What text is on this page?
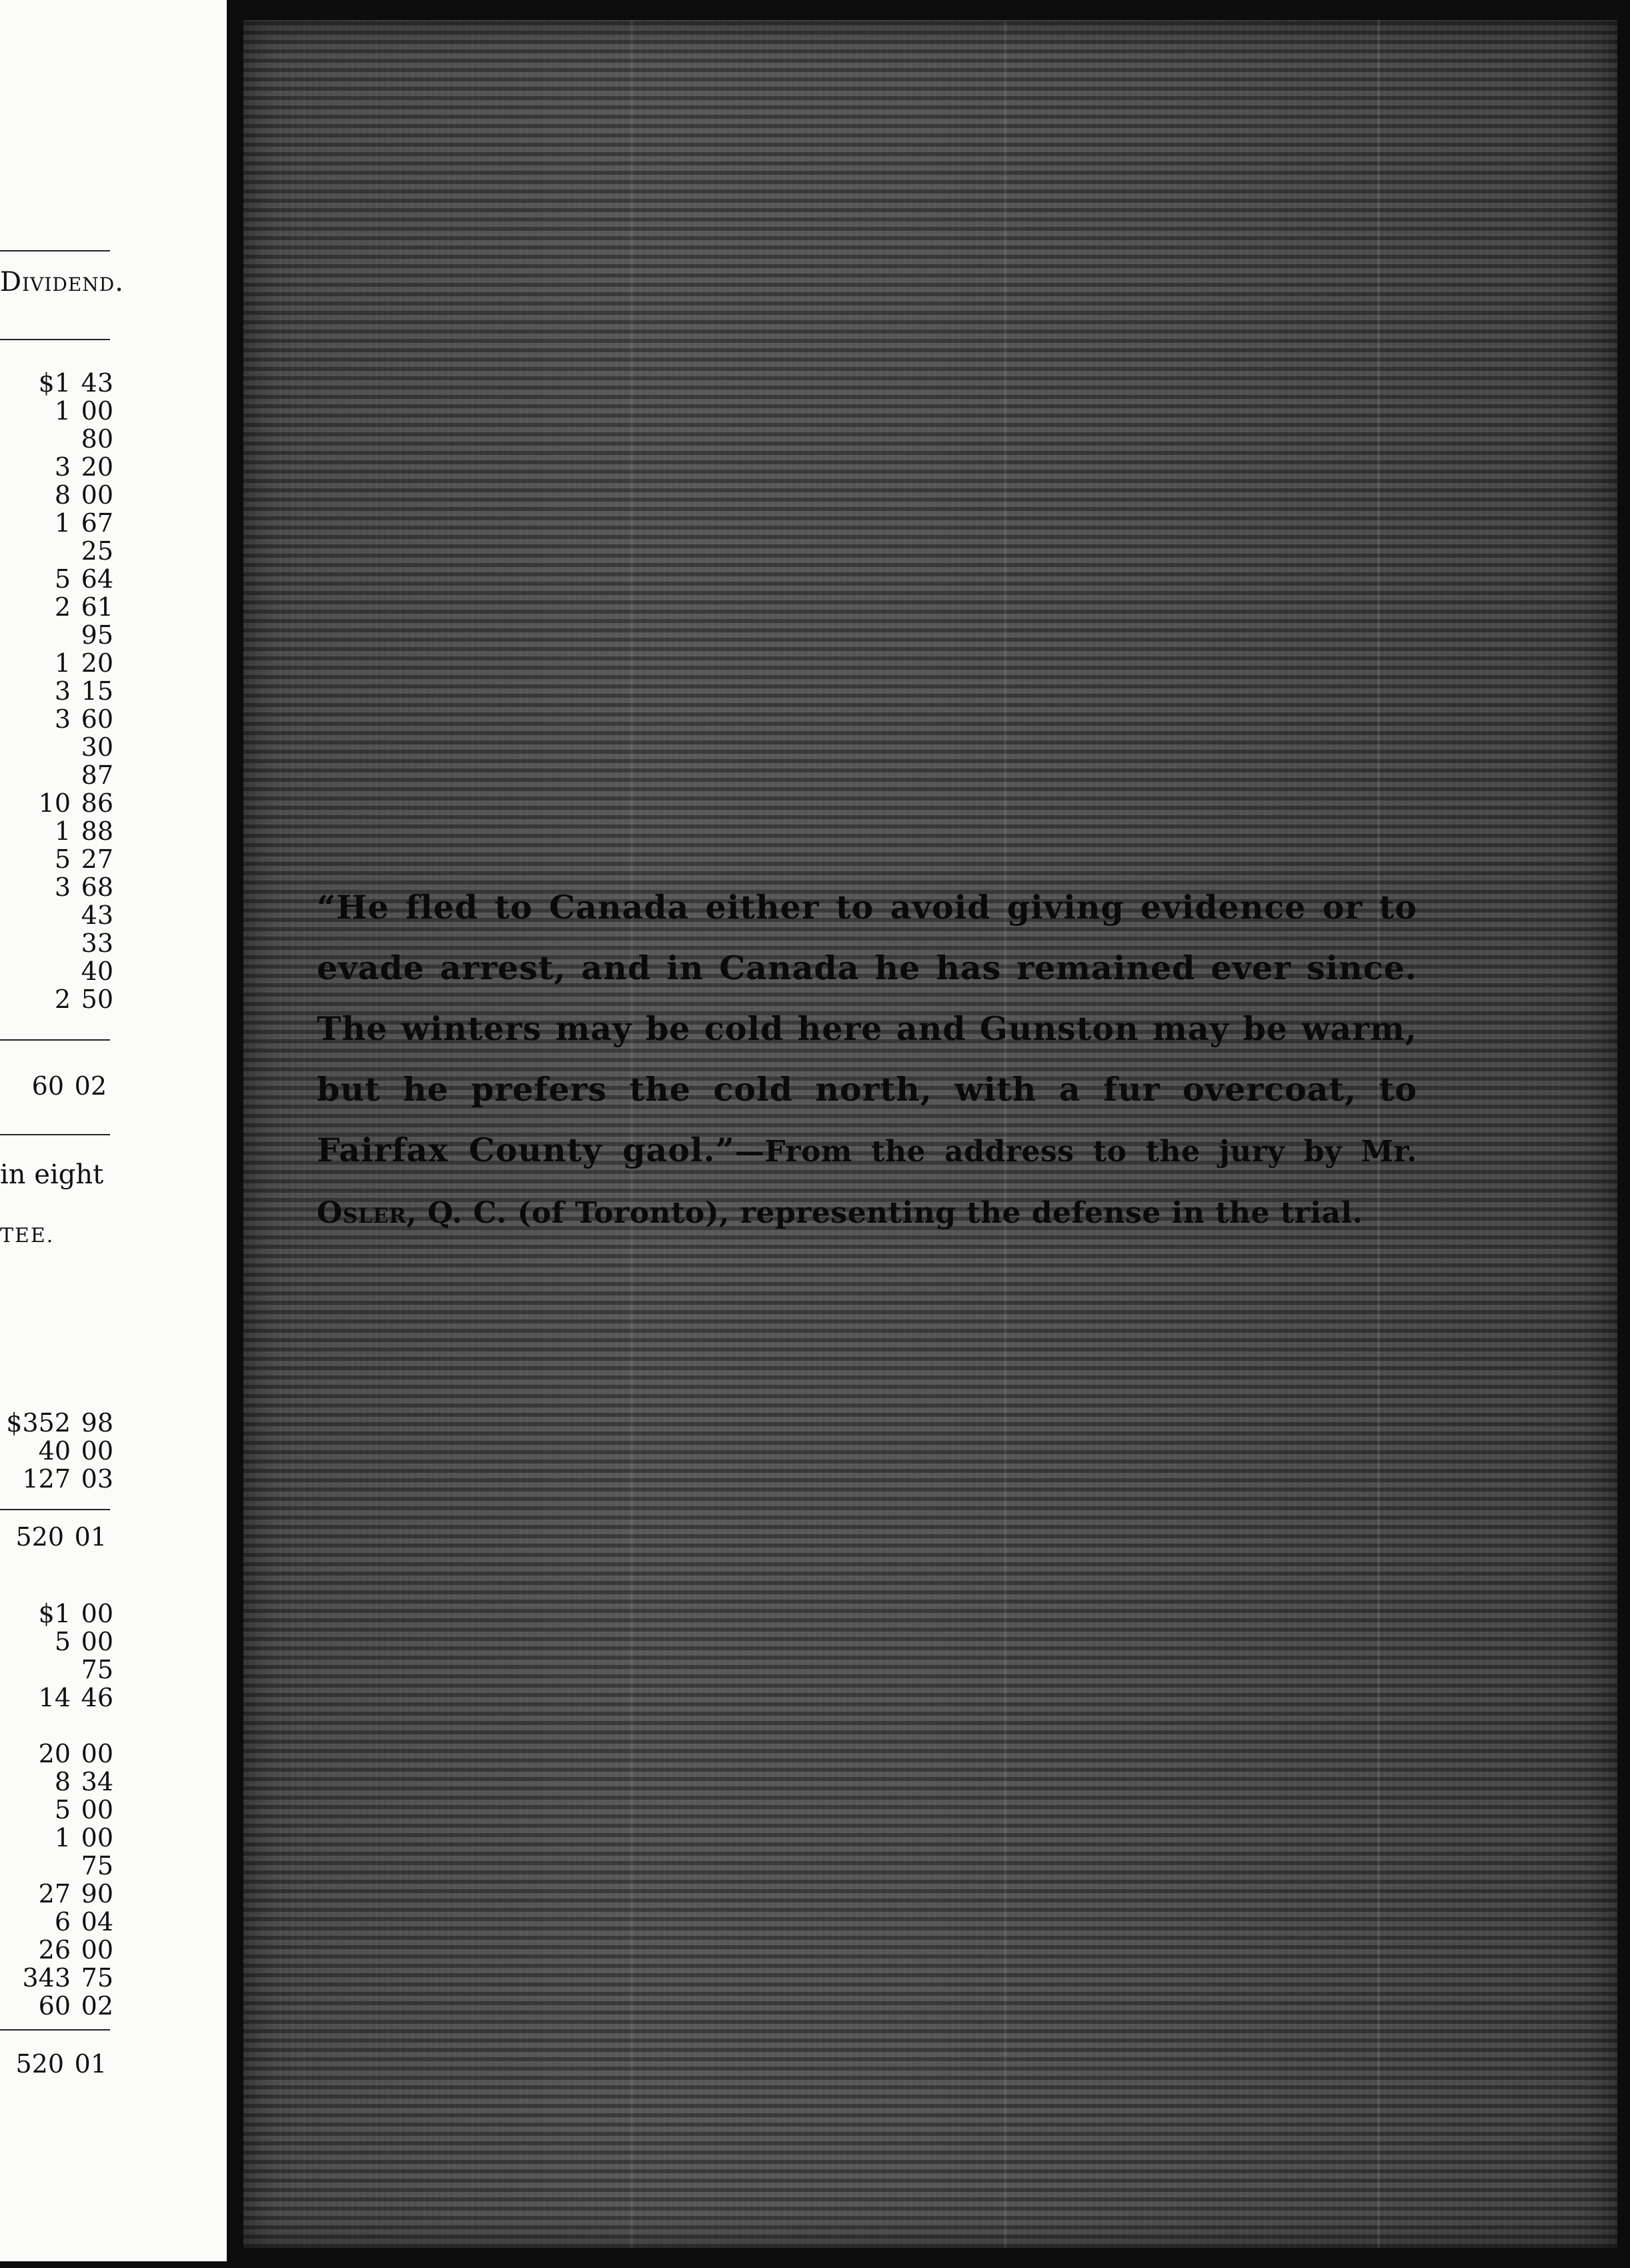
Dividend.
$1 43
1 00
80
3 20
8 00
1 67
25
5 64
2 61
95
1 20
3 15
3 60
30
87
10 86
1 88
5 27
3 68
43
33
40
2 50
60 02
in eight
TEE.
$352 98
40 00
127 03
520 01
$1 00
5 00
75
14 46

20 00
8 34
5 00
1 00
75
27 90
6 04
26 00
343 75
60 02
520 01
“He fled to Canada either to avoid giving evidence or to evade arrest, and in Canada he has remained ever since. The winters may be cold here and Gunston may be warm, but he prefers the cold north, with a fur overcoat, to Fairfax County gaol.”—From the address to the jury by Mr. Osler, Q. C. (of Toronto), representing the defense in the trial.
